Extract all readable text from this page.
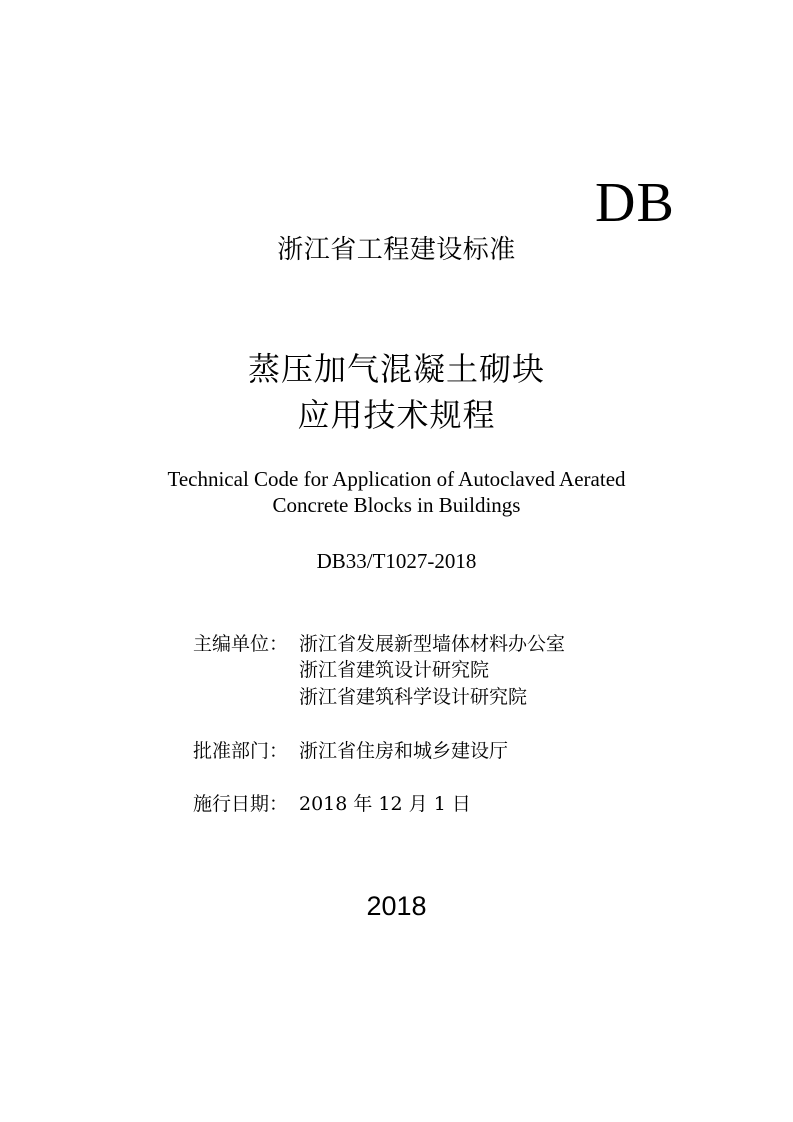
DB
浙江省工程建设标准
蒸压加气混凝土砌块
应用技术规程
Technical Code for Application of Autoclaved Aerated
Concrete Blocks in Buildings
DB33/T1027-2018
主编单位： 浙江省发展新型墙体材料办公室
浙江省建筑设计研究院
浙江省建筑科学设计研究院
批准部门： 浙江省住房和城乡建设厅
施行日期： 2018 年 12 月 1 日
2018
